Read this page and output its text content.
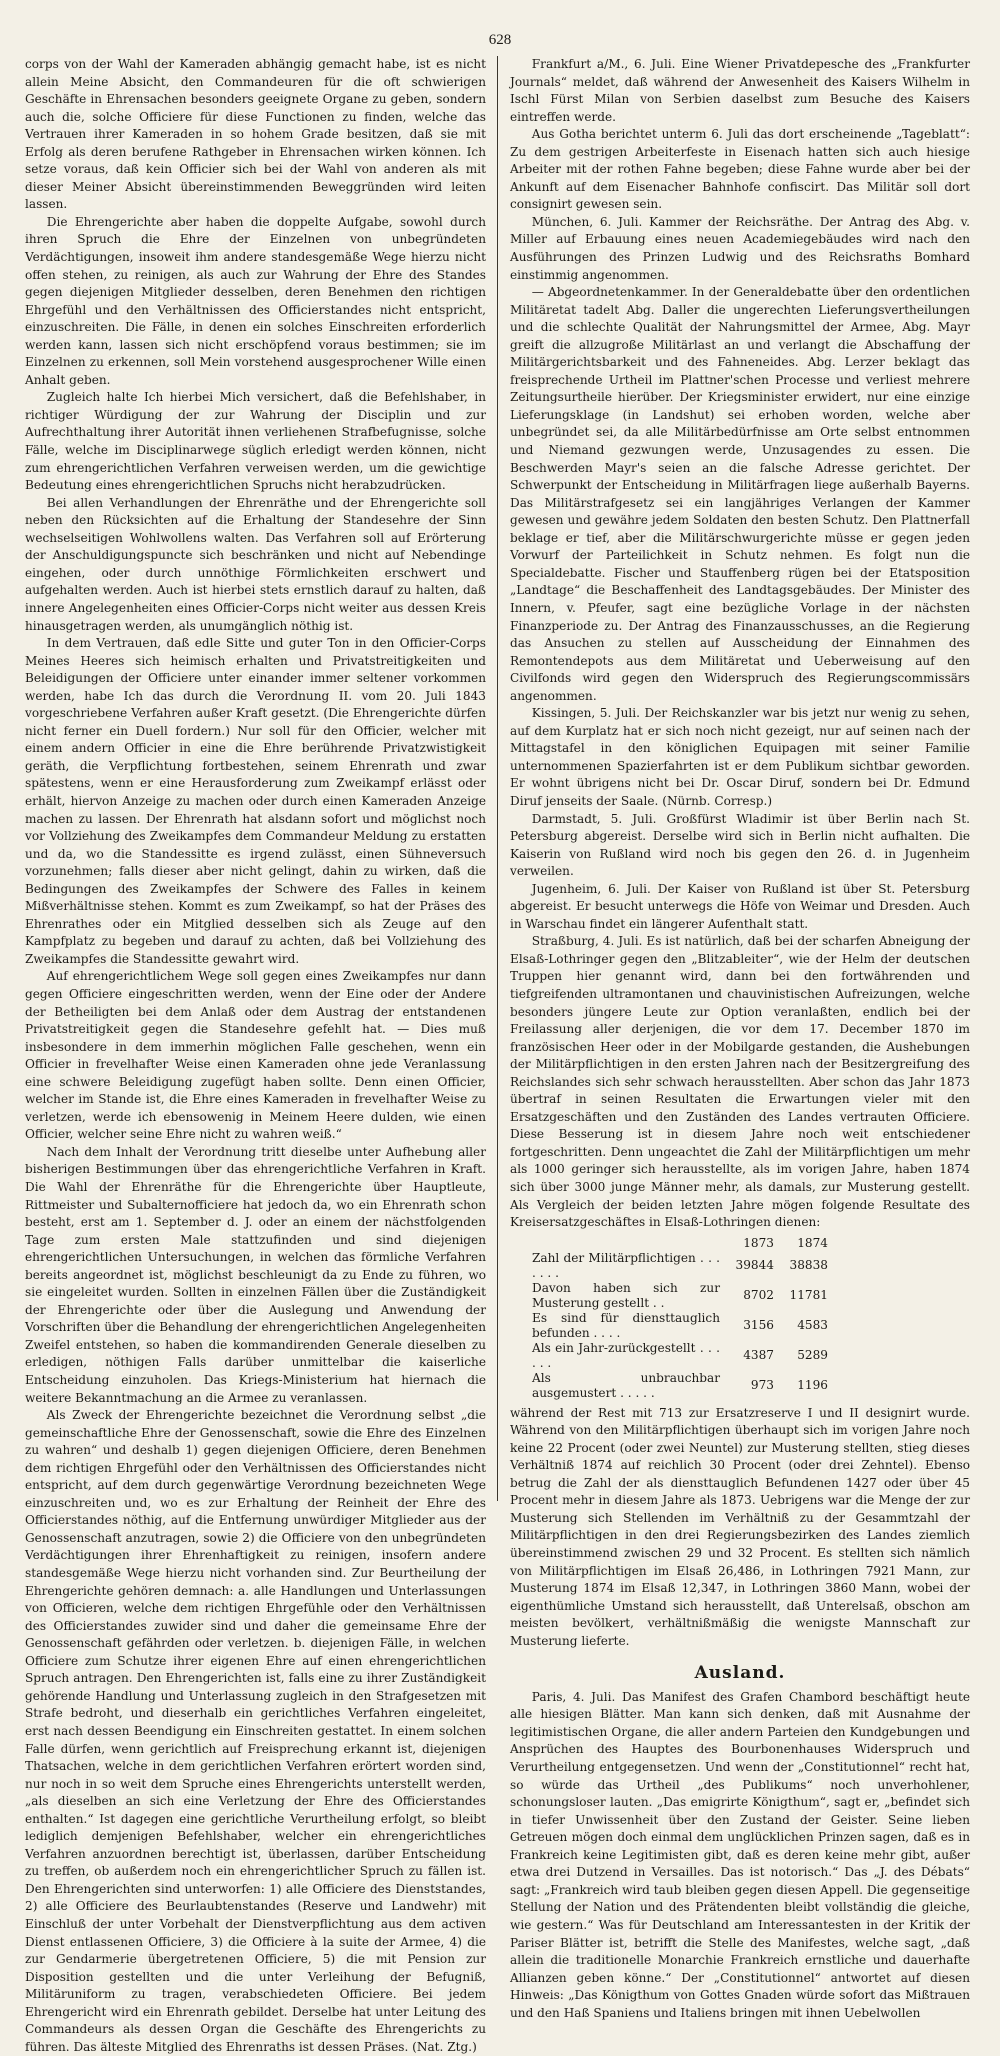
628

corps von der Wahl der Kameraden abhängig gemacht habe, ist es nicht allein Meine Absicht, den Commandeuren für die oft schwierigen Geschäfte in Ehrensachen besonders geeignete Organe zu geben, sondern auch die, solche Officiere für diese Functionen zu finden, welche das Vertrauen ihrer Kameraden in so hohem Grade besitzen, daß sie mit Erfolg als deren berufene Rathgeber in Ehrensachen wirken können. Ich setze voraus, daß kein Officier sich bei der Wahl von anderen als mit dieser Meiner Absicht übereinstimmenden Beweggründen wird leiten lassen.

Die Ehrengerichte aber haben die doppelte Aufgabe, sowohl durch ihren Spruch die Ehre der Einzelnen von unbegründeten Verdächtigungen, insoweit ihm andere standesgemäße Wege hierzu nicht offen stehen, zu reinigen, als auch zur Wahrung der Ehre des Standes gegen diejenigen Mitglieder desselben, deren Benehmen den richtigen Ehrgefühl und den Verhältnissen des Officierstandes nicht entspricht, einzuschreiten. Die Fälle, in denen ein solches Einschreiten erforderlich werden kann, lassen sich nicht erschöpfend voraus bestimmen; sie im Einzelnen zu erkennen, soll Mein vorstehend ausgesprochener Wille einen Anhalt geben.

Zugleich halte Ich hierbei Mich versichert, daß die Befehlshaber, in richtiger Würdigung der zur Wahrung der Disciplin und zur Aufrechthaltung ihrer Autorität ihnen verliehenen Strafbefugnisse, solche Fälle, welche im Disciplinarwege süglich erledigt werden können, nicht zum ehrengerichtlichen Verfahren verweisen werden, um die gewichtige Bedeutung eines ehrengerichtlichen Spruchs nicht herabzudrücken.

Bei allen Verhandlungen der Ehrenräthe und der Ehrengerichte soll neben den Rücksichten auf die Erhaltung der Standesehre der Sinn wechselseitigen Wohlwollens walten. Das Verfahren soll auf Erörterung der Anschuldigungspuncte sich beschränken und nicht auf Nebendinge eingehen, oder durch unnöthige Förmlichkeiten erschwert und aufgehalten werden. Auch ist hierbei stets ernstlich darauf zu halten, daß innere Angelegenheiten eines Officier-Corps nicht weiter aus dessen Kreis hinausgetragen werden, als unumgänglich nöthig ist.

In dem Vertrauen, daß edle Sitte und guter Ton in den Officier-Corps Meines Heeres sich heimisch erhalten und Privatstreitigkeiten und Beleidigungen der Officiere unter einander immer seltener vorkommen werden, habe Ich das durch die Verordnung II. vom 20. Juli 1843 vorgeschriebene Verfahren außer Kraft gesetzt. (Die Ehrengerichte dürfen nicht ferner ein Duell fordern.) Nur soll für den Officier, welcher mit einem andern Officier in eine die Ehre berührende Privatzwistigkeit geräth, die Verpflichtung fortbestehen, seinem Ehrenrath und zwar spätestens, wenn er eine Herausforderung zum Zweikampf erlässt oder erhält, hiervon Anzeige zu machen oder durch einen Kameraden Anzeige machen zu lassen. Der Ehrenrath hat alsdann sofort und möglichst noch vor Vollziehung des Zweikampfes dem Commandeur Meldung zu erstatten und da, wo die Standessitte es irgend zulässt, einen Sühneversuch vorzunehmen; falls dieser aber nicht gelingt, dahin zu wirken, daß die Bedingungen des Zweikampfes der Schwere des Falles in keinem Mißverhältnisse stehen. Kommt es zum Zweikampf, so hat der Präses des Ehrenrathes oder ein Mitglied desselben sich als Zeuge auf den Kampfplatz zu begeben und darauf zu achten, daß bei Vollziehung des Zweikampfes die Standessitte gewahrt wird.

Auf ehrengerichtlichem Wege soll gegen eines Zweikampfes nur dann gegen Officiere eingeschritten werden, wenn der Eine oder der Andere der Betheiligten bei dem Anlaß oder dem Austrag der entstandenen Privatstreitigkeit gegen die Standesehre gefehlt hat. — Dies muß insbesondere in dem immerhin möglichen Falle geschehen, wenn ein Officier in frevelhafter Weise einen Kameraden ohne jede Veranlassung eine schwere Beleidigung zugefügt haben sollte. Denn einen Officier, welcher im Stande ist, die Ehre eines Kameraden in frevelhafter Weise zu verletzen, werde ich ebensowenig in Meinem Heere dulden, wie einen Officier, welcher seine Ehre nicht zu wahren weiß.“

Nach dem Inhalt der Verordnung tritt dieselbe unter Aufhebung aller bisherigen Bestimmungen über das ehrengerichtliche Verfahren in Kraft. Die Wahl der Ehrenräthe für die Ehrengerichte über Hauptleute, Rittmeister und Subalternofficiere hat jedoch da, wo ein Ehrenrath schon besteht, erst am 1. September d. J. oder an einem der nächstfolgenden Tage zum ersten Male stattzufinden und sind diejenigen ehrengerichtlichen Untersuchungen, in welchen das förmliche Verfahren bereits angeordnet ist, möglichst beschleunigt da zu Ende zu führen, wo sie eingeleitet wurden. Sollten in einzelnen Fällen über die Zuständigkeit der Ehrengerichte oder über die Auslegung und Anwendung der Vorschriften über die Behandlung der ehrengerichtlichen Angelegenheiten Zweifel entstehen, so haben die kommandirenden Generale dieselben zu erledigen, nöthigen Falls darüber unmittelbar die kaiserliche Entscheidung einzuholen. Das Kriegs-Ministerium hat hiernach die weitere Bekanntmachung an die Armee zu veranlassen.

Als Zweck der Ehrengerichte bezeichnet die Verordnung selbst „die gemeinschaftliche Ehre der Genossenschaft, sowie die Ehre des Einzelnen zu wahren“ und deshalb 1) gegen diejenigen Officiere, deren Benehmen dem richtigen Ehrgefühl oder den Verhältnissen des Officierstandes nicht entspricht, auf dem durch gegenwärtige Verordnung bezeichneten Wege einzuschreiten und, wo es zur Erhaltung der Reinheit der Ehre des Officierstandes nöthig, auf die Entfernung unwürdiger Mitglieder aus der Genossenschaft anzutragen, sowie 2) die Officiere von den unbegründeten Verdächtigungen ihrer Ehrenhaftigkeit zu reinigen, insofern andere standesgemäße Wege hierzu nicht vorhanden sind. Zur Beurtheilung der Ehrengerichte gehören demnach: a. alle Handlungen und Unterlassungen von Officieren, welche dem richtigen Ehrgefühle oder den Verhältnissen des Officierstandes zuwider sind und daher die gemeinsame Ehre der Genossenschaft gefährden oder verletzen. b. diejenigen Fälle, in welchen Officiere zum Schutze ihrer eigenen Ehre auf einen ehrengerichtlichen Spruch antragen. Den Ehrengerichten ist, falls eine zu ihrer Zuständigkeit gehörende Handlung und Unterlassung zugleich in den Strafgesetzen mit Strafe bedroht, und dieserhalb ein gerichtliches Verfahren eingeleitet, erst nach dessen Beendigung ein Einschreiten gestattet. In einem solchen Falle dürfen, wenn gerichtlich auf Freisprechung erkannt ist, diejenigen Thatsachen, welche in dem gerichtlichen Verfahren erörtert worden sind, nur noch in so weit dem Spruche eines Ehrengerichts unterstellt werden, „als dieselben an sich eine Verletzung der Ehre des Officierstandes enthalten.“ Ist dagegen eine gerichtliche Verurtheilung erfolgt, so bleibt lediglich demjenigen Befehlshaber, welcher ein ehrengerichtliches Verfahren anzuordnen berechtigt ist, überlassen, darüber Entscheidung zu treffen, ob außerdem noch ein ehrengerichtlicher Spruch zu fällen ist. Den Ehrengerichten sind unterworfen: 1) alle Officiere des Dienststandes, 2) alle Officiere des Beurlaubtenstandes (Reserve und Landwehr) mit Einschluß der unter Vorbehalt der Dienstverpflichtung aus dem activen Dienst entlassenen Officiere, 3) die Officiere à la suite der Armee, 4) die zur Gendarmerie übergetretenen Officiere, 5) die mit Pension zur Disposition gestellten und die unter Verleihung der Befugniß, Militäruniform zu tragen, verabschiedeten Officiere. Bei jedem Ehrengericht wird ein Ehrenrath gebildet. Derselbe hat unter Leitung des Commandeurs als dessen Organ die Geschäfte des Ehrengerichts zu führen. Das älteste Mitglied des Ehrenraths ist dessen Präses. (Nat. Ztg.)

Frankfurt a/M., 6. Juli. Eine Wiener Privatdepesche des „Frankfurter Journals“ meldet, daß während der Anwesenheit des Kaisers Wilhelm in Ischl Fürst Milan von Serbien daselbst zum Besuche des Kaisers eintreffen werde.

Aus Gotha berichtet unterm 6. Juli das dort erscheinende „Tageblatt“: Zu dem gestrigen Arbeiterfeste in Eisenach hatten sich auch hiesige Arbeiter mit der rothen Fahne begeben; diese Fahne wurde aber bei der Ankunft auf dem Eisenacher Bahnhofe confiscirt. Das Militär soll dort consignirt gewesen sein.

München, 6. Juli. Kammer der Reichsräthe. Der Antrag des Abg. v. Miller auf Erbauung eines neuen Academiegebäudes wird nach den Ausführungen des Prinzen Ludwig und des Reichsraths Bomhard einstimmig angenommen.

— Abgeordnetenkammer. In der Generaldebatte über den ordentlichen Militäretat tadelt Abg. Daller die ungerechten Lieferungsvertheilungen und die schlechte Qualität der Nahrungsmittel der Armee, Abg. Mayr greift die allzugroße Militärlast an und verlangt die Abschaffung der Militärgerichtsbarkeit und des Fahneneides. Abg. Lerzer beklagt das freisprechende Urtheil im Plattner'schen Processe und verliest mehrere Zeitungsurtheile hierüber. Der Kriegsminister erwidert, nur eine einzige Lieferungsklage (in Landshut) sei erhoben worden, welche aber unbegründet sei, da alle Militärbedürfnisse am Orte selbst entnommen und Niemand gezwungen werde, Unzusagendes zu essen. Die Beschwerden Mayr's seien an die falsche Adresse gerichtet. Der Schwerpunkt der Entscheidung in Militärfragen liege außerhalb Bayerns. Das Militärstrafgesetz sei ein langjähriges Verlangen der Kammer gewesen und gewähre jedem Soldaten den besten Schutz. Den Plattnerfall beklage er tief, aber die Militärschwurgerichte müsse er gegen jeden Vorwurf der Parteilichkeit in Schutz nehmen. Es folgt nun die Specialdebatte. Fischer und Stauffenberg rügen bei der Etatsposition „Landtage“ die Beschaffenheit des Landtagsgebäudes. Der Minister des Innern, v. Pfeufer, sagt eine bezügliche Vorlage in der nächsten Finanzperiode zu. Der Antrag des Finanzausschusses, an die Regierung das Ansuchen zu stellen auf Ausscheidung der Einnahmen des Remontendepots aus dem Militäretat und Ueberweisung auf den Civilfonds wird gegen den Widerspruch des Regierungscommissärs angenommen.

Kissingen, 5. Juli. Der Reichskanzler war bis jetzt nur wenig zu sehen, auf dem Kurplatz hat er sich noch nicht gezeigt, nur auf seinen nach der Mittagstafel in den königlichen Equipagen mit seiner Familie unternommenen Spazierfahrten ist er dem Publikum sichtbar geworden. Er wohnt übrigens nicht bei Dr. Oscar Diruf, sondern bei Dr. Edmund Diruf jenseits der Saale. (Nürnb. Corresp.)

Darmstadt, 5. Juli. Großfürst Wladimir ist über Berlin nach St. Petersburg abgereist. Derselbe wird sich in Berlin nicht aufhalten. Die Kaiserin von Rußland wird noch bis gegen den 26. d. in Jugenheim verweilen.

Jugenheim, 6. Juli. Der Kaiser von Rußland ist über St. Petersburg abgereist. Er besucht unterwegs die Höfe von Weimar und Dresden. Auch in Warschau findet ein längerer Aufenthalt statt.

Straßburg, 4. Juli. Es ist natürlich, daß bei der scharfen Abneigung der Elsaß-Lothringer gegen den „Blitzableiter“, wie der Helm der deutschen Truppen hier genannt wird, dann bei den fortwährenden und tiefgreifenden ultramontanen und chauvinistischen Aufreizungen, welche besonders jüngere Leute zur Option veranlaßten, endlich bei der Freilassung aller derjenigen, die vor dem 17. December 1870 im französischen Heer oder in der Mobilgarde gestanden, die Aushebungen der Militärpflichtigen in den ersten Jahren nach der Besitzergreifung des Reichslandes sich sehr schwach herausstellten. Aber schon das Jahr 1873 übertraf in seinen Resultaten die Erwartungen vieler mit den Ersatzgeschäften und den Zuständen des Landes vertrauten Officiere. Diese Besserung ist in diesem Jahre noch weit entschiedener fortgeschritten. Denn ungeachtet die Zahl der Militärpflichtigen um mehr als 1000 geringer sich herausstellte, als im vorigen Jahre, haben 1874 sich über 3000 junge Männer mehr, als damals, zur Musterung gestellt. Als Vergleich der beiden letzten Jahre mögen folgende Resultate des Kreisersatzgeschäftes in Elsaß-Lothringen dienen:

	1873	1874
Zahl der Militärpflichtigen . . . . . . .	39844	38838
Davon haben sich zur Musterung gestellt . .	8702	11781
Es sind für diensttauglich befunden . . . .	3156	4583
Als ein Jahr-zurückgestellt . . . . . .	4387	5289
Als unbrauchbar ausgemustert . . . . .	973	1196

während der Rest mit 713 zur Ersatzreserve I und II designirt wurde. Während von den Militärpflichtigen überhaupt sich im vorigen Jahre noch keine 22 Procent (oder zwei Neuntel) zur Musterung stellten, stieg dieses Verhältniß 1874 auf reichlich 30 Procent (oder drei Zehntel). Ebenso betrug die Zahl der als diensttauglich Befundenen 1427 oder über 45 Procent mehr in diesem Jahre als 1873. Uebrigens war die Menge der zur Musterung sich Stellenden im Verhältniß zu der Gesammtzahl der Militärpflichtigen in den drei Regierungsbezirken des Landes ziemlich übereinstimmend zwischen 29 und 32 Procent. Es stellten sich nämlich von Militärpflichtigen im Elsaß 26,486, in Lothringen 7921 Mann, zur Musterung 1874 im Elsaß 12,347, in Lothringen 3860 Mann, wobei der eigenthümliche Umstand sich herausstellt, daß Unterelsaß, obschon am meisten bevölkert, verhältnißmäßig die wenigste Mannschaft zur Musterung lieferte.

Ausland.

Paris, 4. Juli. Das Manifest des Grafen Chambord beschäftigt heute alle hiesigen Blätter. Man kann sich denken, daß mit Ausnahme der legitimistischen Organe, die aller andern Parteien den Kundgebungen und Ansprüchen des Hauptes des Bourbonenhauses Widerspruch und Verurtheilung entgegensetzen. Und wenn der „Constitutionnel“ recht hat, so würde das Urtheil „des Publikums“ noch unverhohlener, schonungsloser lauten. „Das emigrirte Königthum“, sagt er, „befindet sich in tiefer Unwissenheit über den Zustand der Geister. Seine lieben Getreuen mögen doch einmal dem unglücklichen Prinzen sagen, daß es in Frankreich keine Legitimisten gibt, daß es deren keine mehr gibt, außer etwa drei Dutzend in Versailles. Das ist notorisch.“ Das „J. des Débats“ sagt: „Frankreich wird taub bleiben gegen diesen Appell. Die gegenseitige Stellung der Nation und des Prätendenten bleibt vollständig die gleiche, wie gestern.“ Was für Deutschland am Interessantesten in der Kritik der Pariser Blätter ist, betrifft die Stelle des Manifestes, welche sagt, „daß allein die traditionelle Monarchie Frankreich ernstliche und dauerhafte Allianzen geben könne.“ Der „Constitutionnel“ antwortet auf diesen Hinweis: „Das Königthum von Gottes Gnaden würde sofort das Mißtrauen und den Haß Spaniens und Italiens bringen mit ihnen Uebelwollen
